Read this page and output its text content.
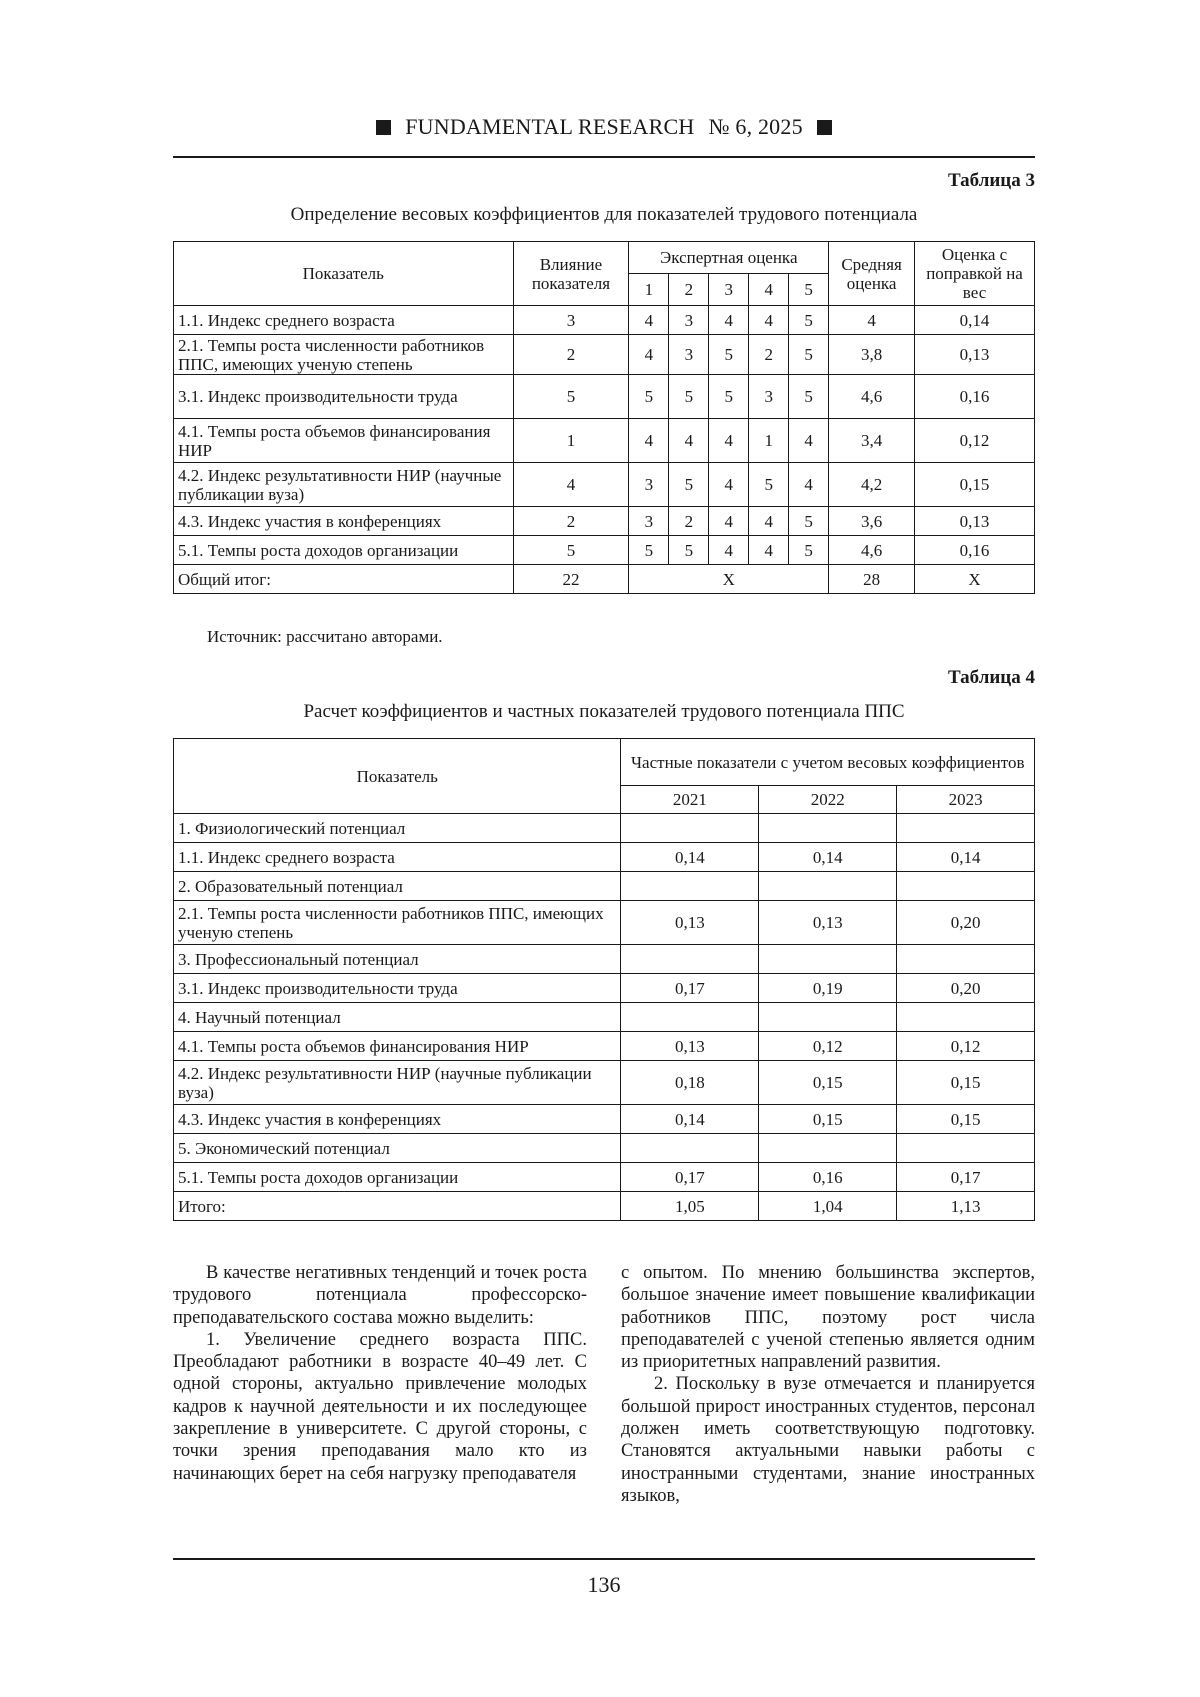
FUNDAMENTAL RESEARCH № 6, 2025
Таблица 3
Определение весовых коэффициентов для показателей трудового потенциала
Показатель	Влияние показателя	Экспертная оценка					Средняя оценка	Оценка с поправкой на вес
		1	2	3	4	5		
1.1. Индекс среднего возраста	3	4	3	4	4	5	4	0,14
2.1. Темпы роста численности работников ППС, имеющих ученую степень	2	4	3	5	2	5	3,8	0,13
3.1. Индекс производительности труда	5	5	5	5	3	5	4,6	0,16
4.1. Темпы роста объемов финансирования НИР	1	4	4	4	1	4	3,4	0,12
4.2. Индекс результативности НИР (научные публикации вуза)	4	3	5	4	5	4	4,2	0,15
4.3. Индекс участия в конференциях	2	3	2	4	4	5	3,6	0,13
5.1. Темпы роста доходов организации	5	5	5	4	4	5	4,6	0,16
Общий итог:	22	Х					28	Х
Источник: рассчитано авторами.
Таблица 4
Расчет коэффициентов и частных показателей трудового потенциала ППС
Показатель	Частные показатели с учетом весовых коэффициентов		
	2021	2022	2023
1. Физиологический потенциал			
1.1. Индекс среднего возраста	0,14	0,14	0,14
2. Образовательный потенциал			
2.1. Темпы роста численности работников ППС, имеющих ученую степень	0,13	0,13	0,20
3. Профессиональный потенциал			
3.1. Индекс производительности труда	0,17	0,19	0,20
4. Научный потенциал			
4.1. Темпы роста объемов финансирования НИР	0,13	0,12	0,12
4.2. Индекс результативности НИР (научные публикации вуза)	0,18	0,15	0,15
4.3. Индекс участия в конференциях	0,14	0,15	0,15
5. Экономический потенциал			
5.1. Темпы роста доходов организации	0,17	0,16	0,17
Итого:	1,05	1,04	1,13

В качестве негативных тенденций и точек роста трудового потенциала профессорско-преподавательского состава можно выделить:

1. Увеличение среднего возраста ППС. Преобладают работники в возрасте 40–49 лет. С одной стороны, актуально привлечение молодых кадров к научной деятельности и их последующее закрепление в университете. С другой стороны, с точки зрения преподавания мало кто из начинающих берет на себя нагрузку преподавателя

с опытом. По мнению большинства экспертов, большое значение имеет повышение квалификации работников ППС, поэтому рост числа преподавателей с ученой степенью является одним из приоритетных направлений развития.

2. Поскольку в вузе отмечается и планируется большой прирост иностранных студентов, персонал должен иметь соответствующую подготовку. Становятся актуальными навыки работы с иностранными студентами, знание иностранных языков,

136
